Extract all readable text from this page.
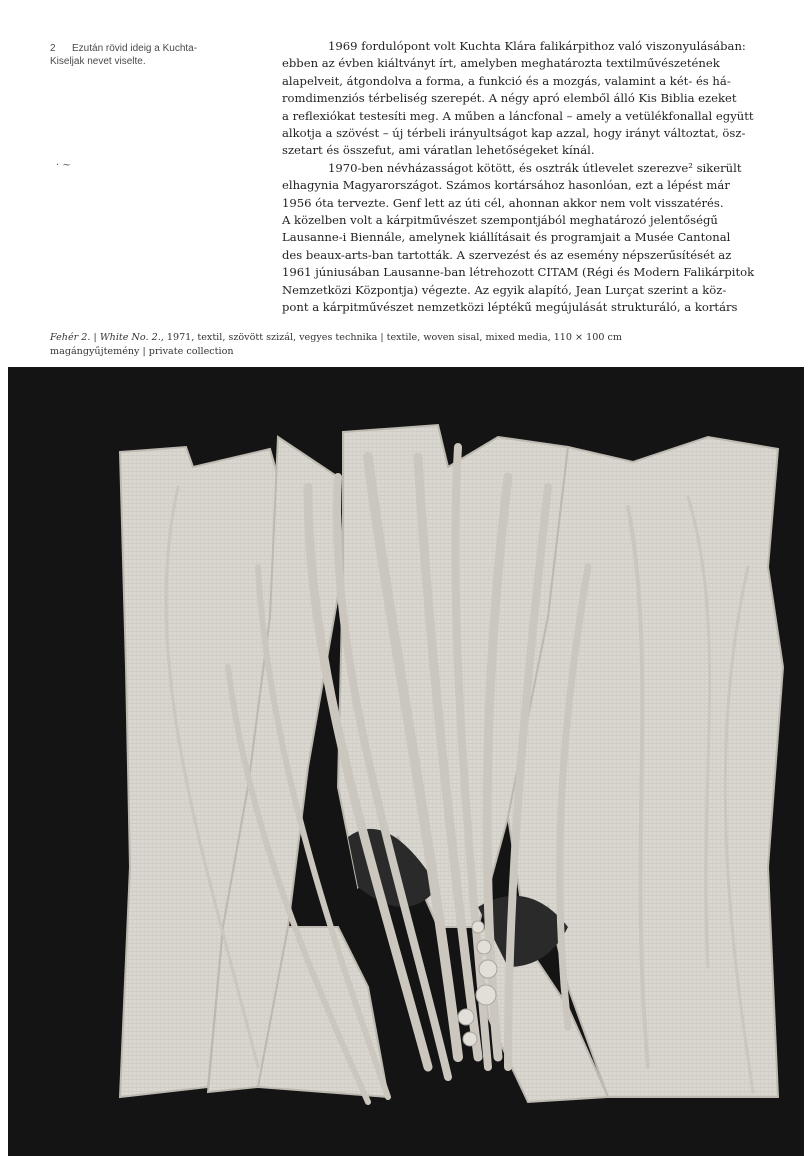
2 Ezután rövid ideig a Kuchta-
Kiseljak nevet viselte.
· ~
1969 fordulópont volt Kuchta Klára falikárpithoz való viszonyulásában:
ebben az évben kiáltványt írt, amelyben meghatározta textilművészetének
alapelveit, átgondolva a forma, a funkció és a mozgás, valamint a két- és há-
romdimenziós térbeliség szerepét. A négy apró elemből álló Kis Biblia ezeket
a reflexiókat testesíti meg. A műben a láncfonal – amely a vetülékfonallal együtt
alkotja a szövést – új térbeli irányultságot kap azzal, hogy irányt változtat, ösz-
szetart és összefut, ami váratlan lehetőségeket kínál.
1970-ben névházasságot kötött, és osztrák útlevelet szerezve² sikerült
elhagynia Magyarországot. Számos kortársához hasonlóan, ezt a lépést már
1956 óta tervezte. Genf lett az úti cél, ahonnan akkor nem volt visszatérés.
A közelben volt a kárpitművészet szempontjából meghatározó jelentőségű
Lausanne-i Biennále, amelynek kiállításait és programjait a Musée Cantonal
des beaux-arts-ban tartották. A szervezést és az esemény népszerűsítését az
1961 júniusában Lausanne-ban létrehozott CITAM (Régi és Modern Falikárpitok
Nemzetközi Központja) végezte. Az egyik alapító, Jean Lurçat szerint a köz-
pont a kárpitművészet nemzetközi léptékű megújulását strukturáló, a kortárs
Fehér 2. | White No. 2., 1971, textil, szövött szizál, vegyes technika | textile, woven sisal, mixed media, 110 × 100 cm
magángyűjtemény | private collection
